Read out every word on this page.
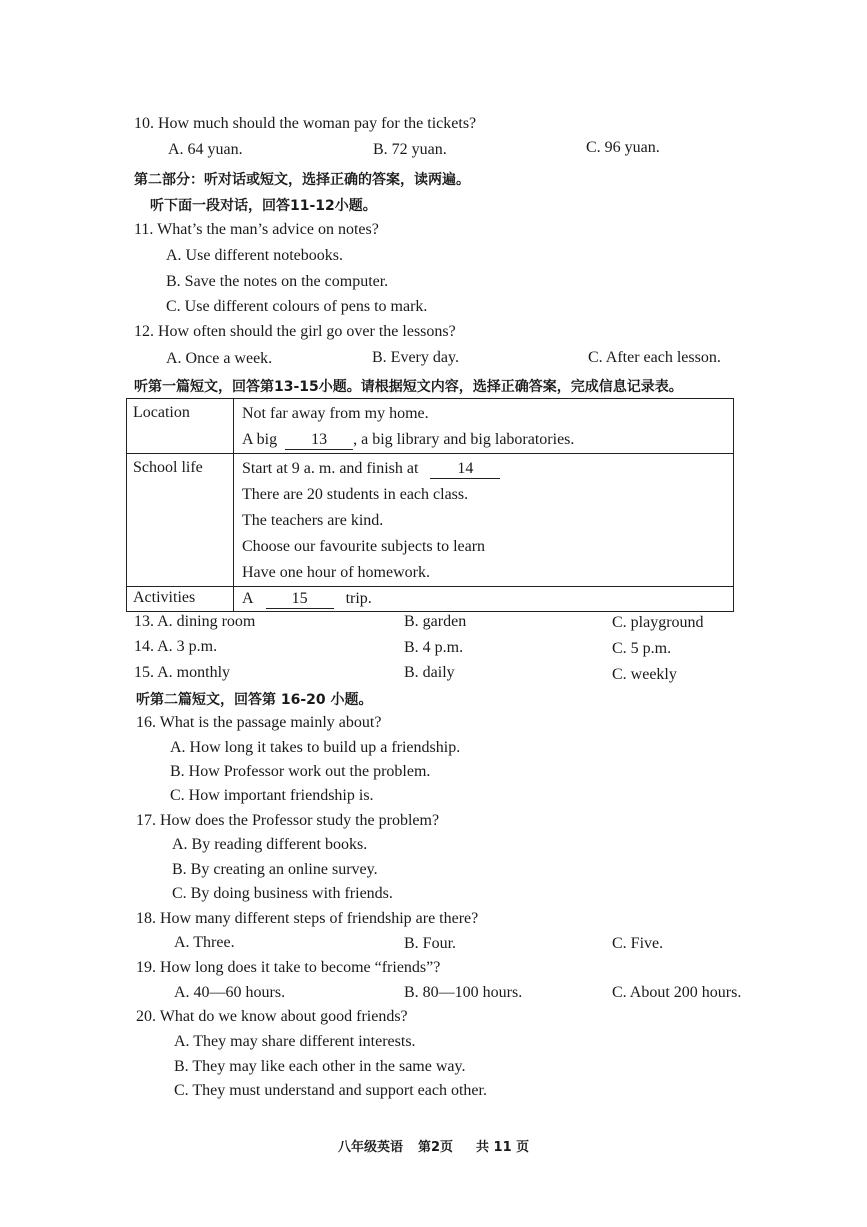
10. How much should the woman pay for the tickets?
A. 64 yuan.	B. 72 yuan.	C. 96 yuan.
第二部分：听对话或短文，选择正确的答案，读两遍。
听下面一段对话，回答11-12小题。
11. What’s the man’s advice on notes?
A. Use different notebooks.
B. Save the notes on the computer.
C. Use different colours of pens to mark.
12. How often should the girl go over the lessons?
A. Once a week.	B. Every day.	C. After each lesson.
听第一篇短文，回答第13-15小题。请根据短文内容，选择正确答案，完成信息记录表。
Location	Not far away from my home.
A big 13 , a big library and big laboratories.

School life	Start at 9 a. m. and finish at 14
There are 20 students in each class.
The teachers are kind.
Choose our favourite subjects to learn
Have one hour of homework.

Activities	A 15 trip.
13. A. dining room	B. garden	C. playground
14. A. 3 p.m.	B. 4 p.m.	C. 5 p.m.
15. A. monthly	B. daily	C. weekly
听第二篇短文，回答第 16-20 小题。
16. What is the passage mainly about?
A. How long it takes to build up a friendship.
B. How Professor work out the problem.
C. How important friendship is.
17. How does the Professor study the problem?
A. By reading different books.
B. By creating an online survey.
C. By doing business with friends.
18. How many different steps of friendship are there?
A. Three.	B. Four.	C. Five.
19. How long does it take to become “friends”?
A. 40—60 hours.	B. 80—100 hours.	C. About 200 hours.
20. What do we know about good friends?
A. They may share different interests.
B. They may like each other in the same way.
C. They must understand and support each other.
八年级英语 第2页 共 11 页
